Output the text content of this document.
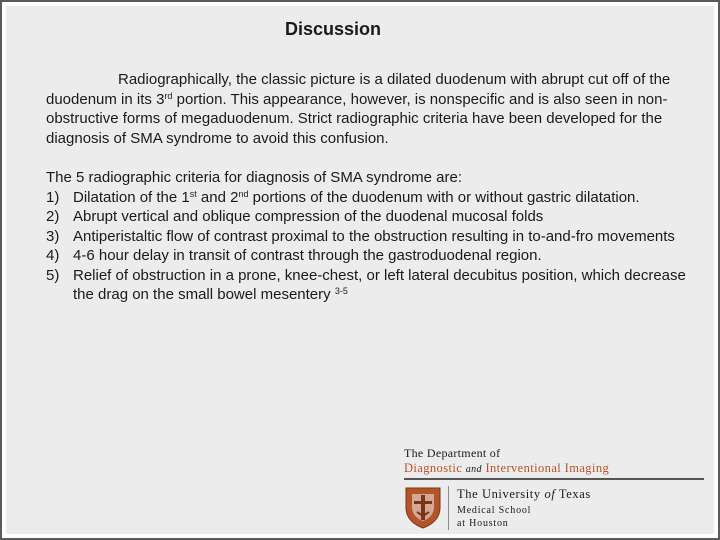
Discussion

Radiographically, the classic picture is a dilated duodenum with abrupt cut off of the duodenum in its 3rd portion. This appearance, however, is nonspecific and is also seen in non-obstructive forms of megaduodenum. Strict radiographic criteria have been developed for the diagnosis of SMA syndrome to avoid this confusion.

The 5 radiographic criteria for diagnosis of SMA syndrome are:

1) Dilatation of the 1st and 2nd portions of the duodenum with or without gastric dilatation.
2) Abrupt vertical and oblique compression of the duodenal mucosal folds
3) Antiperistaltic flow of contrast proximal to the obstruction resulting in to-and-fro movements
4) 4-6 hour delay in transit of contrast through the gastroduodenal region.
5) Relief of obstruction in a prone, knee-chest, or left lateral decubitus position, which decrease the drag on the small bowel mesentery $^{3-5}$
The Department of
Diagnostic and Interventional Imaging
The University of Texas
Medical School
at Houston
